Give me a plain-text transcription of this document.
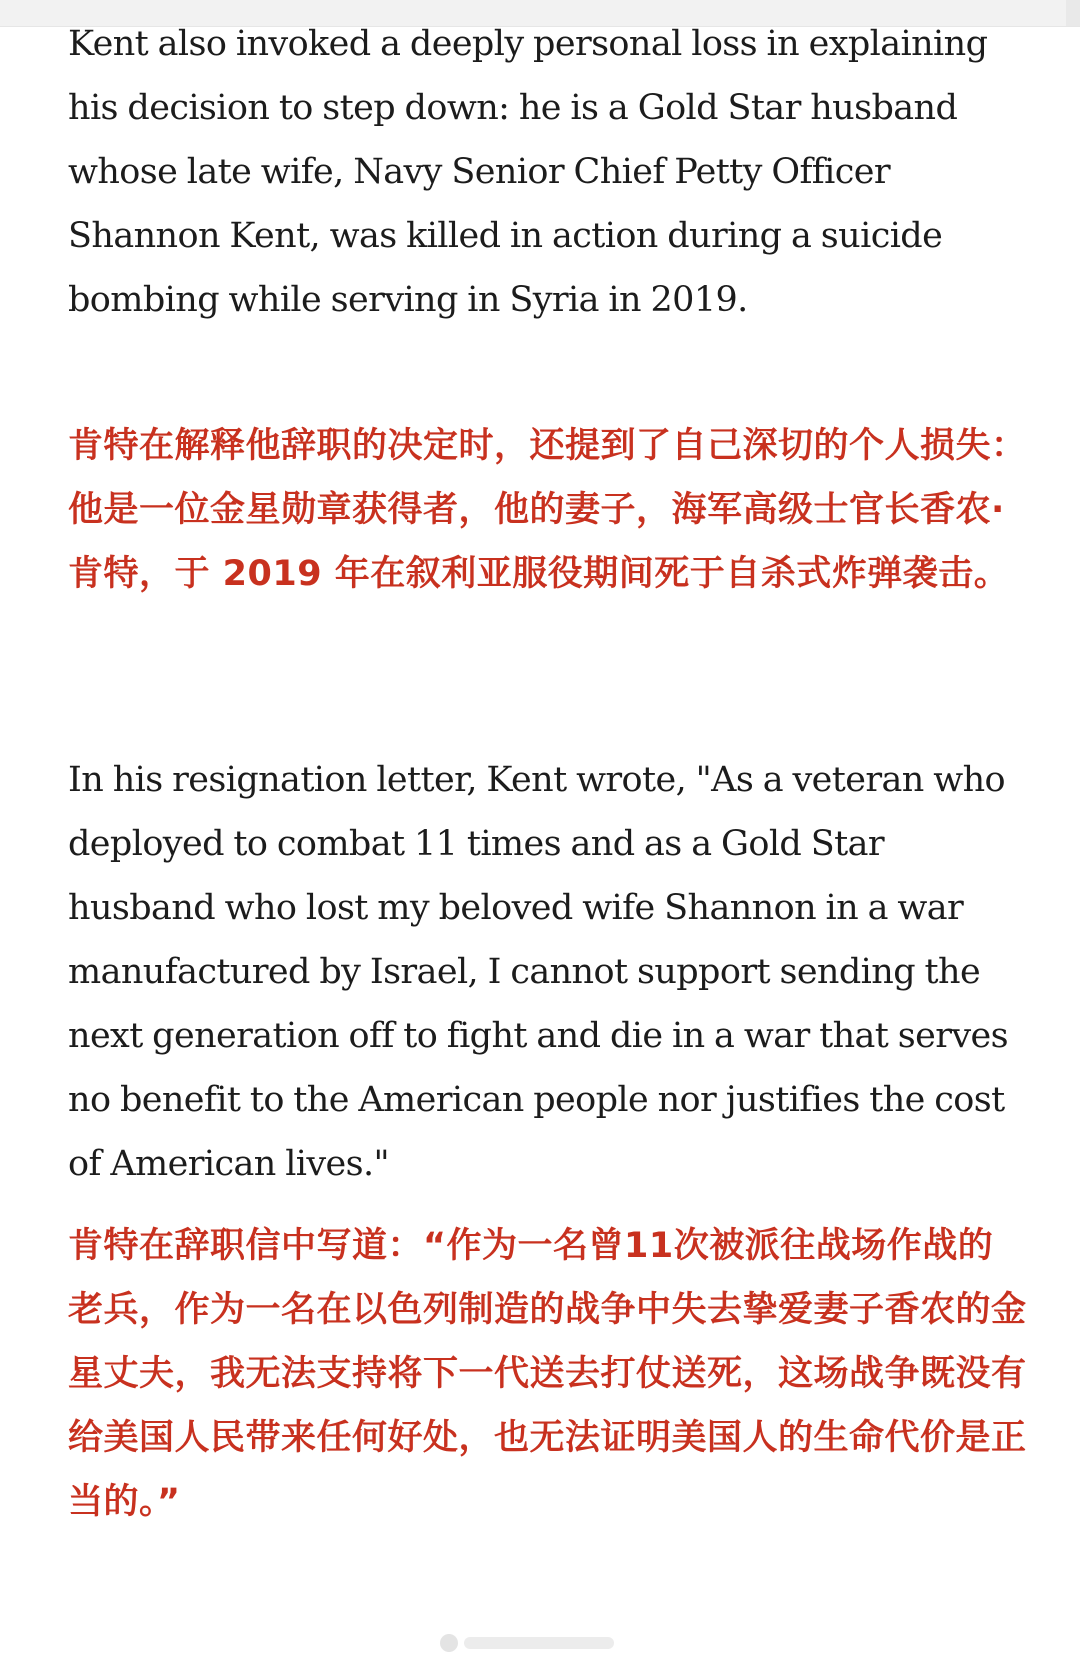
Kent also invoked a deeply personal loss in explaining his decision to step down: he is a Gold Star husband whose late wife, Navy Senior Chief Petty Officer Shannon Kent, was killed in action during a suicide bombing while serving in Syria in 2019.

肯特在解释他辞职的决定时，还提到了自己深切的个人损失：他是一位金星勋章获得者，他的妻子，海军高级士官长香农·肯特，于 2019 年在叙利亚服役期间死于自杀式炸弹袭击。

In his resignation letter, Kent wrote, "As a veteran who deployed to combat 11 times and as a Gold Star husband who lost my beloved wife Shannon in a war manufactured by Israel, I cannot support sending the next generation off to fight and die in a war that serves no benefit to the American people nor justifies the cost of American lives."

肯特在辞职信中写道：“作为一名曾11次被派往战场作战的老兵，作为一名在以色列制造的战争中失去挚爱妻子香农的金星丈夫，我无法支持将下一代送去打仗送死，这场战争既没有给美国人民带来任何好处，也无法证明美国人的生命代价是正当的。”
